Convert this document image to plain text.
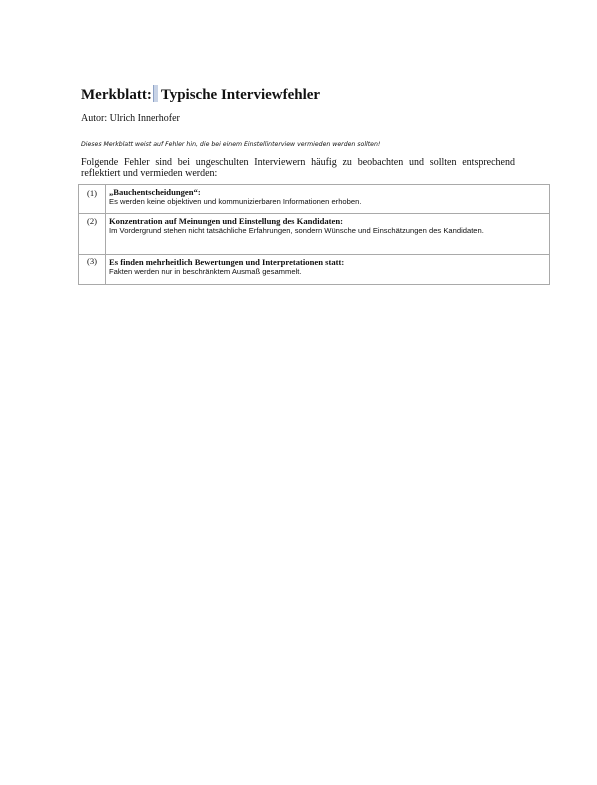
Merkblatt: Typische Interviewfehler
Autor: Ulrich Innerhofer
Dieses Merkblatt weist auf Fehler hin, die bei einem Einstellinterview vermieden werden sollten!
Folgende Fehler sind bei ungeschulten Interviewern häufig zu beobachten und sollten entsprechend reflektiert und vermieden werden:
(1)	„Bauchentscheidungen“:
Es werden keine objektiven und kommunizierbaren Informationen erhoben.

(2)	Konzentration auf Meinungen und Einstellung des Kandidaten:
Im Vordergrund stehen nicht tatsächliche Erfahrungen, sondern Wünsche und Einschätzungen des Kandidaten.

(3)	Es finden mehrheitlich Bewertungen und Interpretationen statt:
Fakten werden nur in beschränktem Ausmaß gesammelt.
